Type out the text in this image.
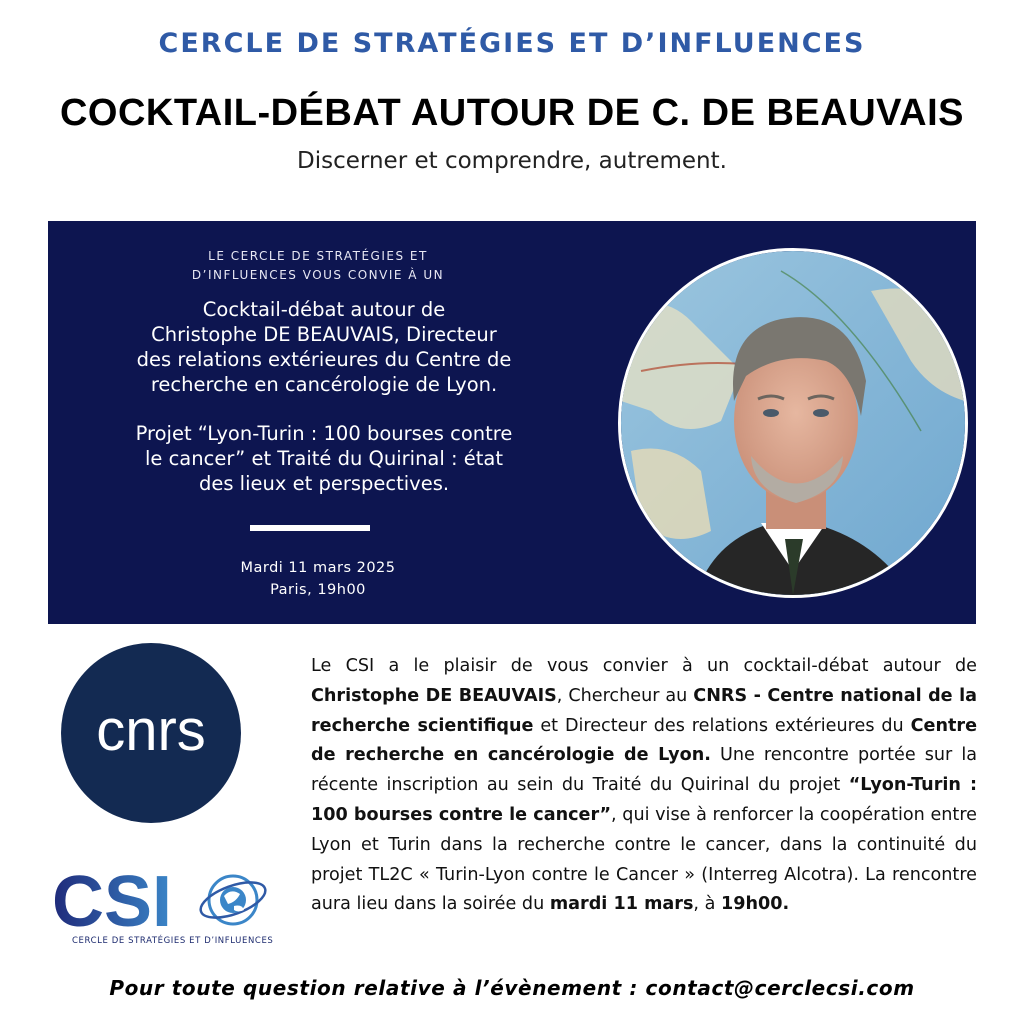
CERCLE DE STRATÉGIES ET D’INFLUENCES
COCKTAIL-DÉBAT AUTOUR DE C. DE BEAUVAIS
Discerner et comprendre, autrement.
LE CERCLE DE STRATÉGIES ET
D’INFLUENCES VOUS CONVIE À UN
Cocktail-débat autour de
Christophe DE BEAUVAIS, Directeur
des relations extérieures du Centre de
recherche en cancérologie de Lyon.
Projet “Lyon-Turin : 100 bourses contre
le cancer” et Traité du Quirinal : état
des lieux et perspectives.
Mardi 11 mars 2025
Paris, 19h00
cnrs
CSI
CERCLE DE STRATÉGIES ET D’INFLUENCES
Le CSI a le plaisir de vous convier à un cocktail-débat autour de Christophe DE BEAUVAIS, Chercheur au CNRS - Centre national de la recherche scientifique et Directeur des relations extérieures du Centre de recherche en cancérologie de Lyon. Une rencontre portée sur la récente inscription au sein du Traité du Quirinal du projet “Lyon-Turin : 100 bourses contre le cancer”, qui vise à renforcer la coopération entre Lyon et Turin dans la recherche contre le cancer, dans la continuité du projet TL2C « Turin-Lyon contre le Cancer » (Interreg Alcotra). La rencontre aura lieu dans la soirée du mardi 11 mars, à 19h00.
Pour toute question relative à l’évènement : contact@cerclecsi.com
